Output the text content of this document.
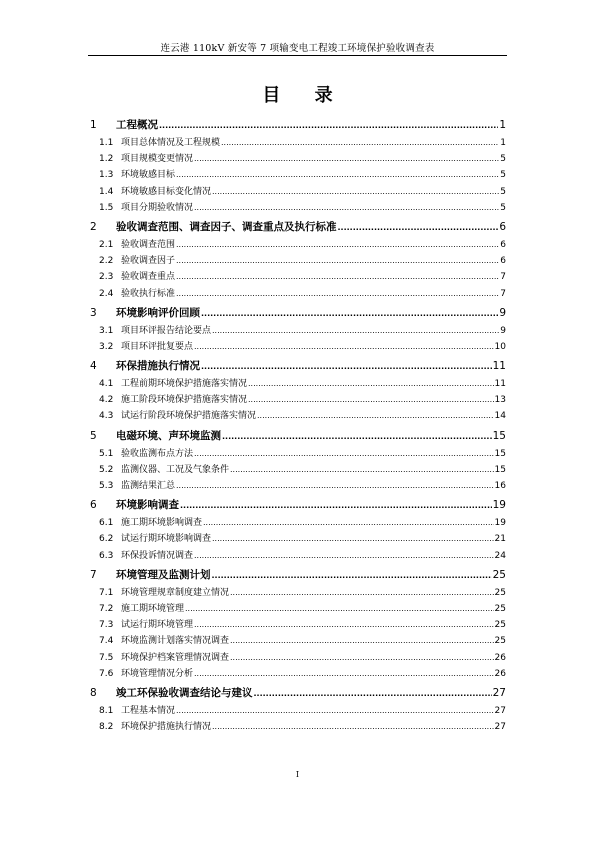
连云港 110kV 新安等 7 项输变电工程竣工环境保护验收调查表
目 录
1	工程概况 .....	1
1.1 项目总体情况及工程规模 .....	1
1.2 项目规模变更情况 .....	5
1.3 环境敏感目标 .....	5
1.4 环境敏感目标变化情况 .....	5
1.5 项目分期验收情况 .....	5
2	验收调查范围、调查因子、调查重点及执行标准 .....	6
2.1 验收调查范围 .....	6
2.2 验收调查因子 .....	6
2.3 验收调查重点 .....	7
2.4 验收执行标准 .....	7
3	环境影响评价回顾 .....	9
3.1 项目环评报告结论要点 .....	9
3.2 项目环评批复要点 .....	10
4	环保措施执行情况 .....	11
4.1 工程前期环境保护措施落实情况 .....	11
4.2 施工阶段环境保护措施落实情况 .....	13
4.3 试运行阶段环境保护措施落实情况 .....	14
5	电磁环境、声环境监测 .....	15
5.1 验收监测布点方法 .....	15
5.2 监测仪器、工况及气象条件 .....	15
5.3 监测结果汇总 .....	16
6	环境影响调查 .....	19
6.1 施工期环境影响调查 .....	19
6.2 试运行期环境影响调查 .....	21
6.3 环保投诉情况调查 .....	24
7	环境管理及监测计划 .....	25
7.1 环境管理规章制度建立情况 .....	25
7.2 施工期环境管理 .....	25
7.3 试运行期环境管理 .....	25
7.4 环境监测计划落实情况调查 .....	25
7.5 环境保护档案管理情况调查 .....	26
7.6 环境管理情况分析 .....	26
8	竣工环保验收调查结论与建议 .....	27
8.1 工程基本情况 .....	27
8.2 环境保护措施执行情况 .....	27
I
